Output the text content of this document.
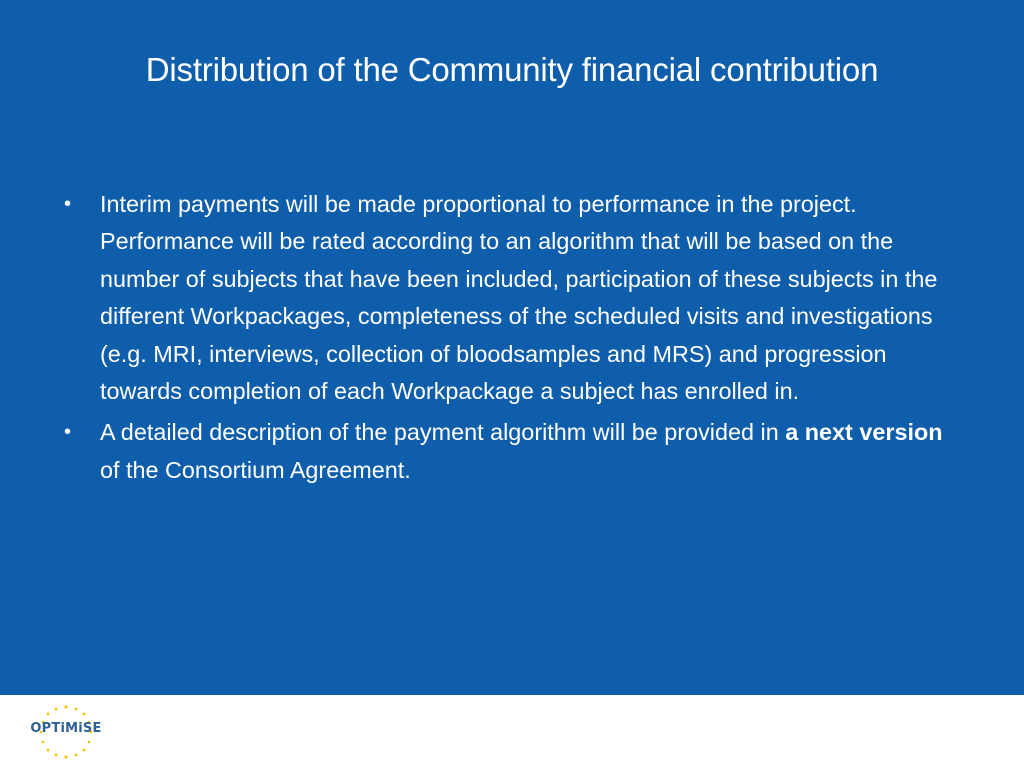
Distribution of the Community financial contribution
• Interim payments will be made proportional to performance in the project. Performance will be rated according to an algorithm that will be based on the number of subjects that have been included, participation of these subjects in the different Workpackages, completeness of the scheduled visits and investigations (e.g. MRI, interviews, collection of bloodsamples and MRS) and progression towards completion of each Workpackage a subject has enrolled in.
• A detailed description of the payment algorithm will be provided in a next version of the Consortium Agreement.
OPTiMiSE
